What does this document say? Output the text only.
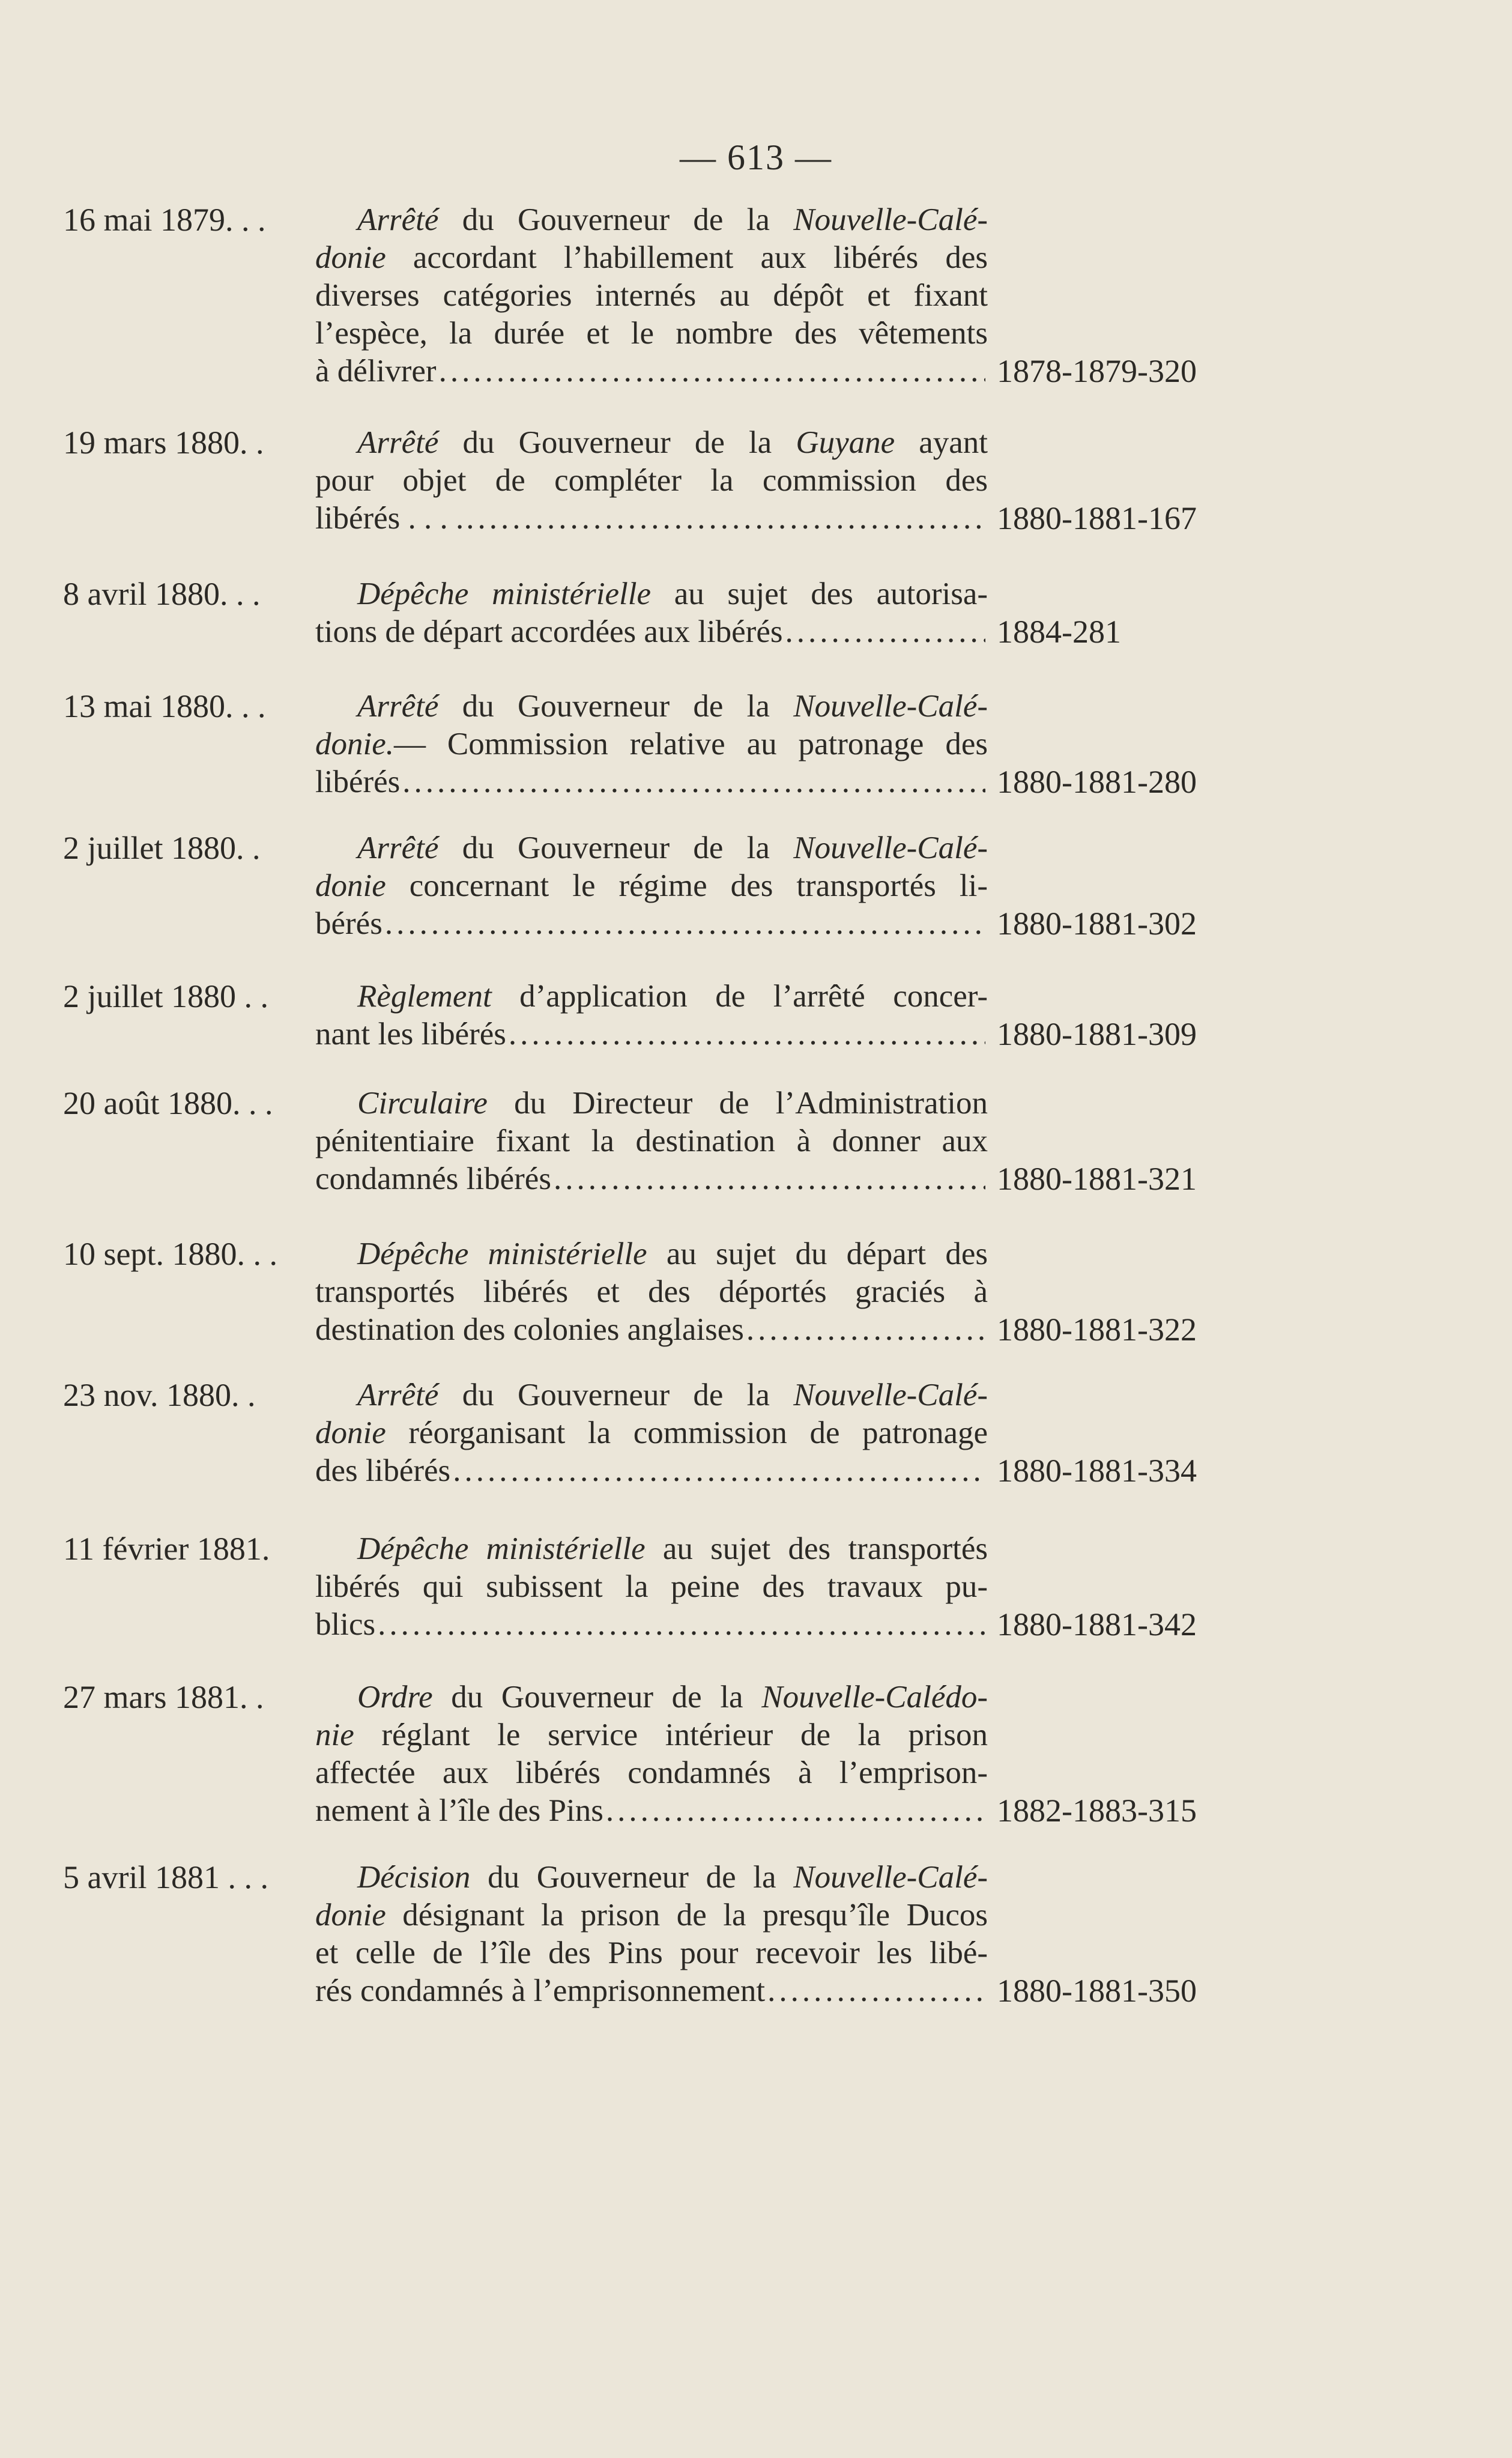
— 613 —
16 mai 1879. . .	Arrêté du Gouverneur de la Nouvelle-Calé-
donie accordant l’habillement aux libérés des
diverses catégories internés au dépôt et fixant
l’espèce, la durée et le nombre des vêtements
à délivrer .....	1878-1879-320
19 mars 1880. .	Arrêté du Gouverneur de la Guyane ayant
pour objet de compléter la commission des
libérés . . . .
.....	1880-1881-167
8 avril 1880. . .	Dépêche ministérielle au sujet des autorisa-
tions de départ accordées aux libérés .....	1884-281
13 mai 1880. . .	Arrêté du Gouverneur de la Nouvelle-Calé-
donie.— Commission relative au patronage des
libérés .....	1880-1881-280
2 juillet 1880. .	Arrêté du Gouverneur de la Nouvelle-Calé-
donie concernant le régime des transportés li-
bérés .....	1880-1881-302
2 juillet 1880 . .	Règlement d’application de l’arrêté concer-
nant les libérés .....	1880-1881-309
20 août 1880. . .	Circulaire du Directeur de l’Administration
pénitentiaire fixant la destination à donner aux
condamnés libérés .....	1880-1881-321
10 sept. 1880. . .	Dépêche ministérielle au sujet du départ des
transportés libérés et des déportés graciés à
destination des colonies anglaises .....	1880-1881-322
23 nov. 1880. .	Arrêté du Gouverneur de la Nouvelle-Calé-
donie réorganisant la commission de patronage
des libérés .....	1880-1881-334
11 février 1881.	Dépêche ministérielle au sujet des transportés
libérés qui subissent la peine des travaux pu-
blics
.....	1880-1881-342
27 mars 1881. .	Ordre du Gouverneur de la Nouvelle-Calédo-
nie réglant le service intérieur de la prison
affectée aux libérés condamnés à l’emprison-
nement à l’île des Pins
.....	1882-1883-315
5 avril 1881 . . .	Décision du Gouverneur de la Nouvelle-Calé-
donie désignant la prison de la presqu’île Ducos
et celle de l’île des Pins pour recevoir les libé-
rés condamnés à l’emprisonnement
.....	1880-1881-350
